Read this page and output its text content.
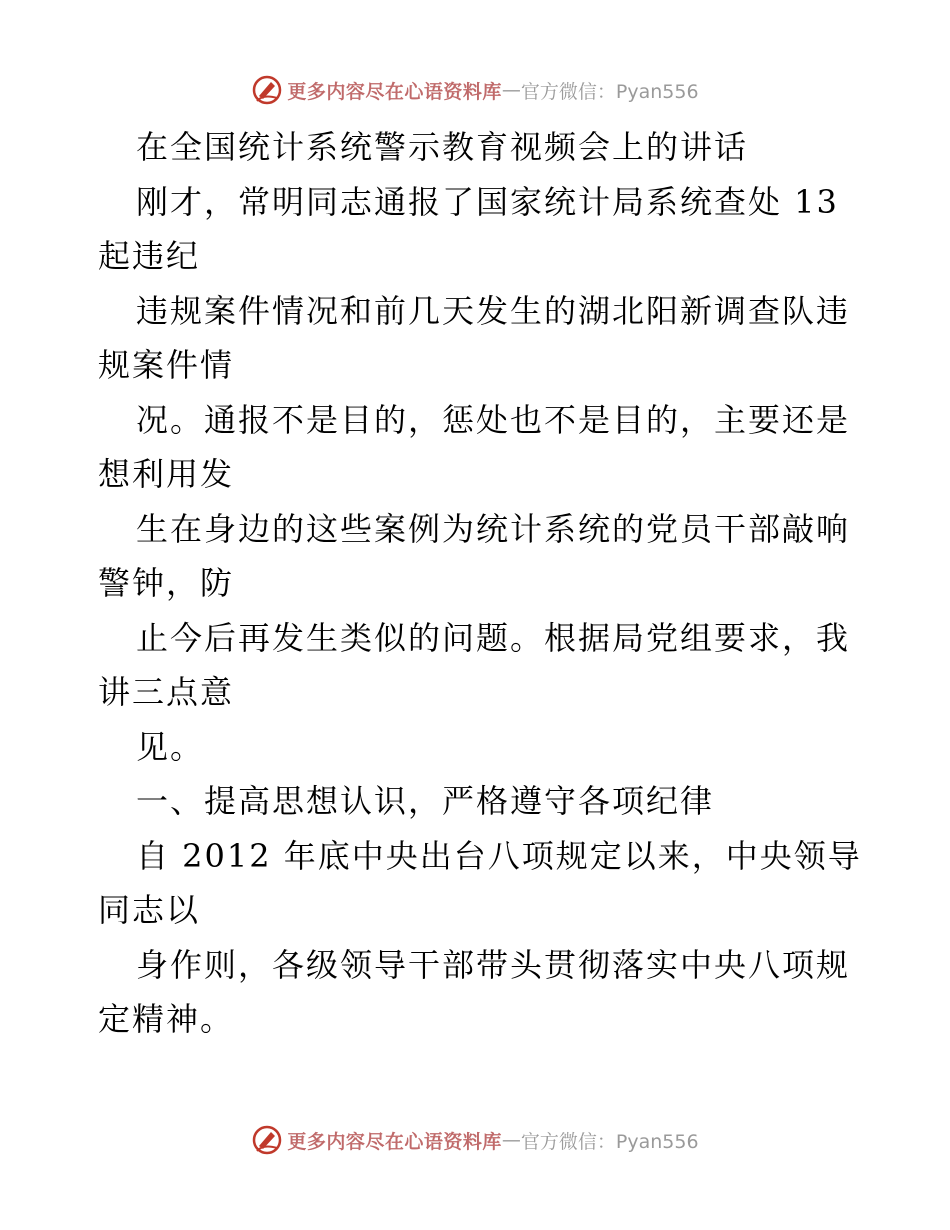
更多内容尽在心语资料库 — 官方微信：Pyan556
在全国统计系统警示教育视频会上的讲话
刚才，常明同志通报了国家统计局系统查处 13
起违纪
违规案件情况和前几天发生的湖北阳新调查队违
规案件情
况。通报不是目的，惩处也不是目的，主要还是
想利用发
生在身边的这些案例为统计系统的党员干部敲响
警钟，防
止今后再发生类似的问题。根据局党组要求，我
讲三点意
见。
一、提高思想认识，严格遵守各项纪律
自 2012 年底中央出台八项规定以来，中央领导
同志以
身作则，各级领导干部带头贯彻落实中央八项规
定精神。
更多内容尽在心语资料库 — 官方微信：Pyan556
